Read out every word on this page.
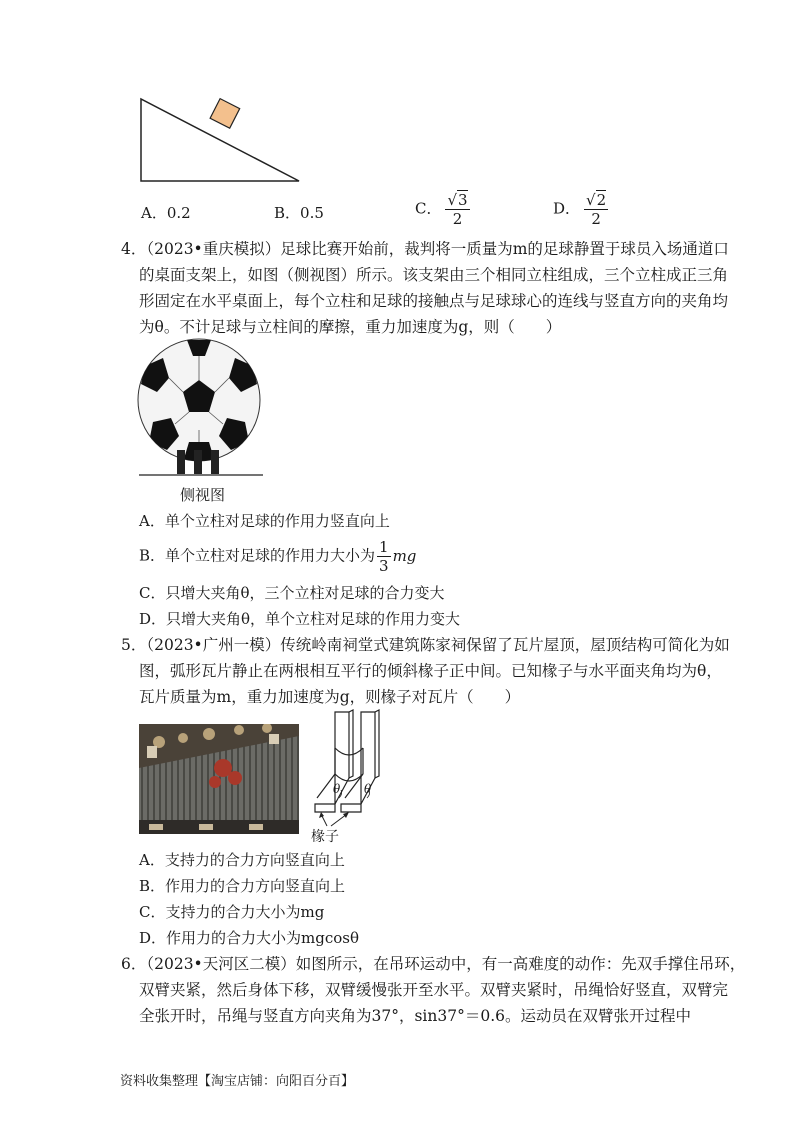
A．0.2	B．0.5	C． $\frac{√3}{2}$	D． $\frac{√2}{2}$
4．（2023•重庆模拟）足球比赛开始前，裁判将一质量为m的足球静置于球员入场通道口
的桌面支架上，如图（侧视图）所示。该支架由三个相同立柱组成，三个立柱成正三角
形固定在水平桌面上，每个立柱和足球的接触点与足球球心的连线与竖直方向的夹角均
为θ。不计足球与立柱间的摩擦，重力加速度为g，则（　　）
侧视图
A．单个立柱对足球的作用力竖直向上
B．单个立柱对足球的作用力大小为 $\frac{1}{3}$ mg
C．只增大夹角θ，三个立柱对足球的合力变大
D．只增大夹角θ，单个立柱对足球的作用力变大
5．（2023•广州一模）传统岭南祠堂式建筑陈家祠保留了瓦片屋顶，屋顶结构可简化为如
图，弧形瓦片静止在两根相互平行的倾斜椽子正中间。已知椽子与水平面夹角均为θ，
瓦片质量为m，重力加速度为g，则椽子对瓦片（　　）
θ θ
椽子
A．支持力的合力方向竖直向上
B．作用力的合力方向竖直向上
C．支持力的合力大小为mg
D．作用力的合力大小为mgcosθ
6．（2023•天河区二模）如图所示，在吊环运动中，有一高难度的动作：先双手撑住吊环，
双臂夹紧，然后身体下移，双臂缓慢张开至水平。双臂夹紧时，吊绳恰好竖直，双臂完
全张开时，吊绳与竖直方向夹角为37°，sin37°＝0.6。运动员在双臂张开过程中
资料收集整理【淘宝店铺：向阳百分百】
